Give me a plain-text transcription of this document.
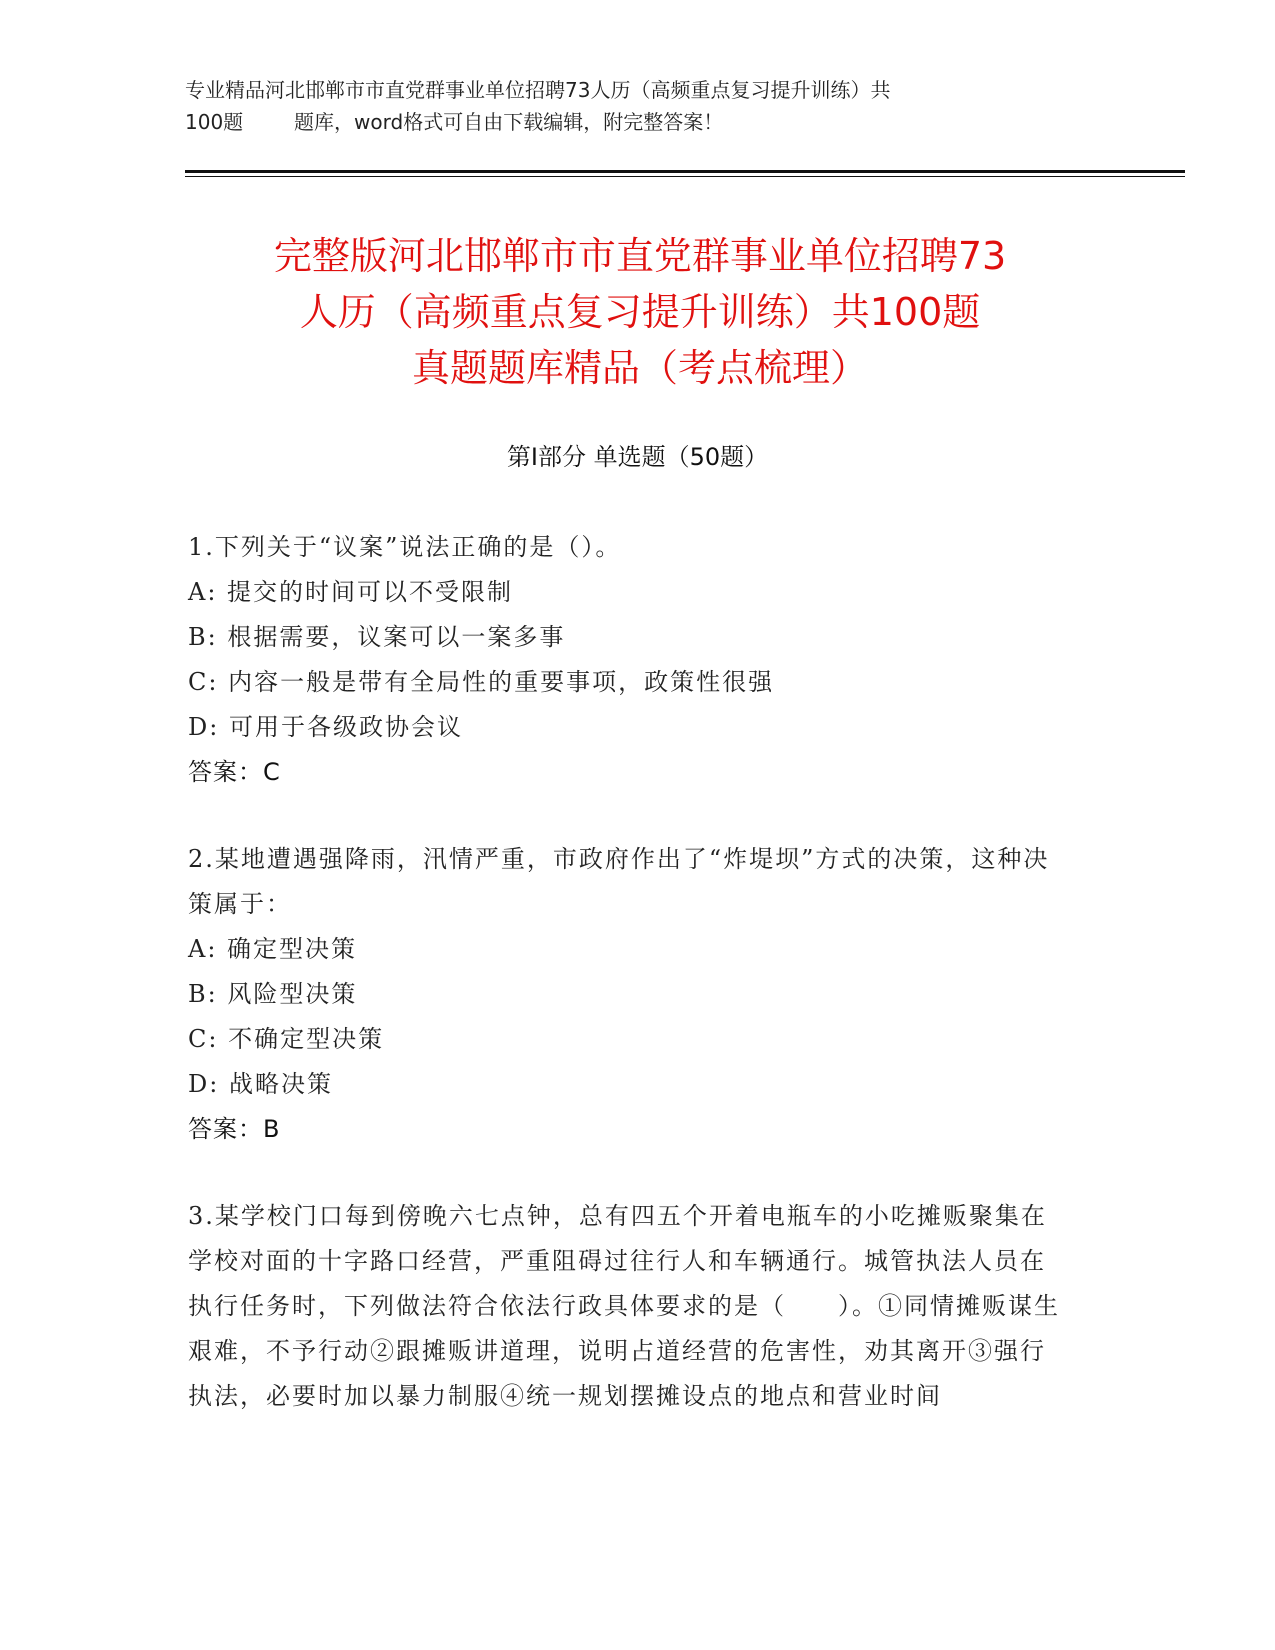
专业精品河北邯郸市市直党群事业单位招聘73人历（高频重点复习提升训练）共
100题        题库，word格式可自由下载编辑，附完整答案！
完整版河北邯郸市市直党群事业单位招聘73
人历（高频重点复习提升训练）共100题
真题题库精品（考点梳理）
第Ⅰ部分 单选题（50题）
1.下列关于“议案”说法正确的是（）。
A: 提交的时间可以不受限制
B: 根据需要，议案可以一案多事
C: 内容一般是带有全局性的重要事项，政策性很强
D: 可用于各级政协会议
答案：C
2.某地遭遇强降雨，汛情严重，市政府作出了“炸堤坝”方式的决策，这种决策属于：
A: 确定型决策
B: 风险型决策
C: 不确定型决策
D: 战略决策
答案：B
3.某学校门口每到傍晚六七点钟，总有四五个开着电瓶车的小吃摊贩聚集在学校对面的十字路口经营，严重阻碍过往行人和车辆通行。城管执法人员在执行任务时，下列做法符合依法行政具体要求的是（　　）。①同情摊贩谋生艰难，不予行动②跟摊贩讲道理，说明占道经营的危害性，劝其离开③强行执法，必要时加以暴力制服④统一规划摆摊设点的地点和营业时间
